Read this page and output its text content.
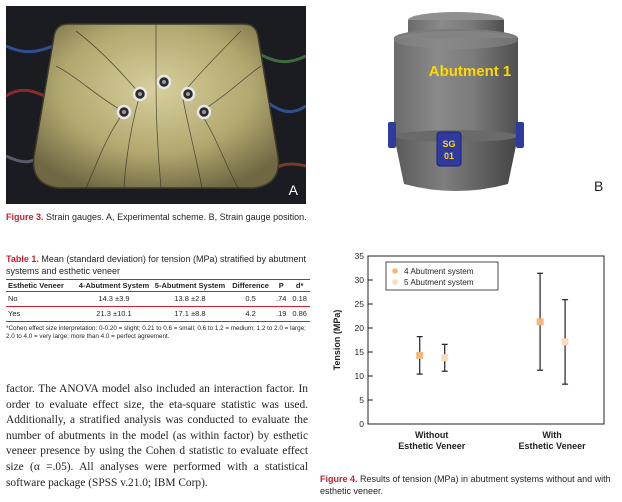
A
SG
01
Abutment 1
B
Figure 3. Strain gauges. A, Experimental scheme. B, Strain gauge position.
Table 1. Mean (standard deviation) for tension (MPa) stratified by abutment systems and esthetic veneer
Esthetic Veneer	4-Abutment System	5-Abutment System	Difference	P	d*
No	14.3 ±3.9	13.8 ±2.8	0.5	.74	0.18
Yes	21.3 ±10.1	17.1 ±8.8	4.2	.19	0.86
*Cohen effect size interpretation: 0-0.20 = slight; 0.21 to 0.6 = small; 0.6 to 1.2 = medium; 1.2 to 2.0 = large; 2.0 to 4.0 = very large; more than 4.0 = perfect agreement.
factor. The ANOVA model also included an interaction factor. In order to evaluate effect size, the eta-square statistic was used. Additionally, a stratified analysis was conducted to evaluate the number of abutments in the model (as within factor) by esthetic veneer presence by using the Cohen d statistic to evaluate effect size (α =.05). All analyses were performed with a statistical software package (SPSS v.21.0; IBM Corp).
0
5
10
15
20
25
30
35
Without
Esthetic Veneer
With
Esthetic Veneer
4 Abutment system
5 Abutment system
Tension (MPa)
Figure 4. Results of tension (MPa) in abutment systems without and with esthetic veneer.
